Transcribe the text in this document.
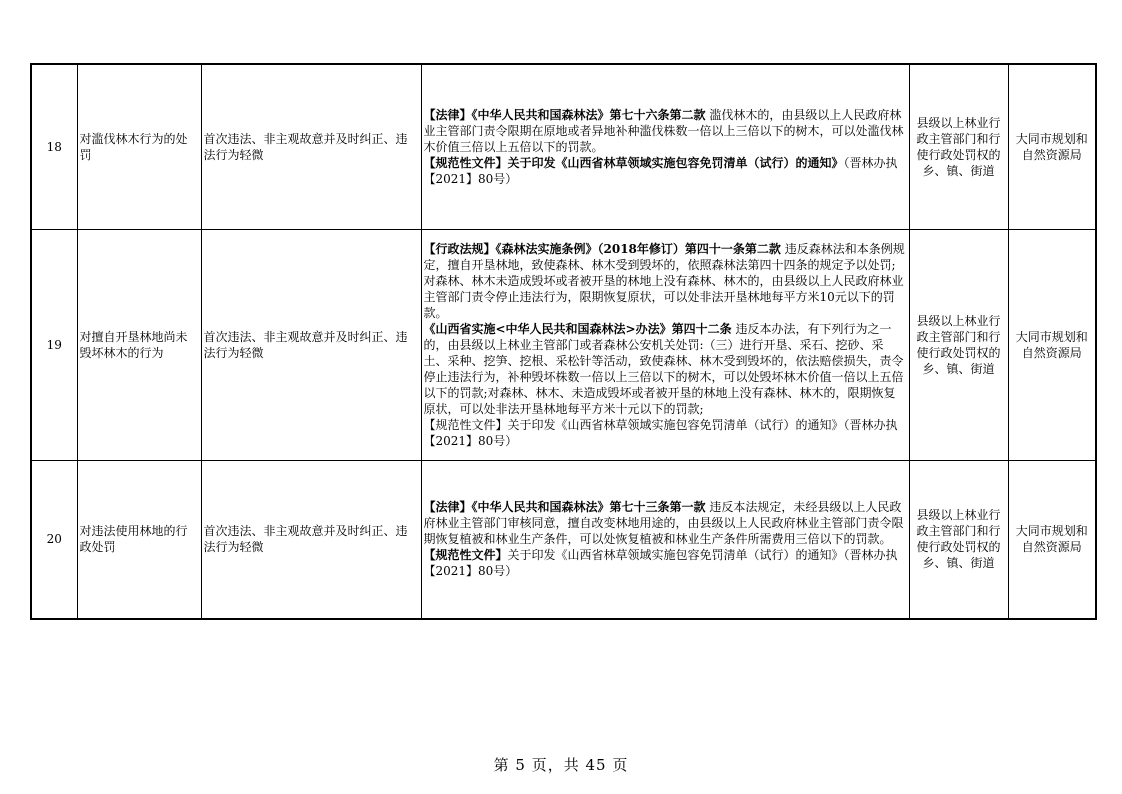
18	对滥伐林木行为的处罚	首次违法、非主观故意并及时纠正、违法行为轻微	【法律】《中华人民共和国森林法》第七十六条第二款 滥伐林木的，由县级以上人民政府林业主管部门责令限期在原地或者异地补种滥伐株数一倍以上三倍以下的树木，可以处滥伐林木价值三倍以上五倍以下的罚款。
【规范性文件】关于印发《山西省林草领域实施包容免罚清单（试行）的通知》（晋林办执【2021】80号）	县级以上林业行政主管部门和行使行政处罚权的乡、镇、街道	大同市规划和自然资源局
19	对擅自开垦林地尚未毁坏林木的行为	首次违法、非主观故意并及时纠正、违法行为轻微	【行政法规】《森林法实施条例》（2018年修订）第四十一条第二款 违反森林法和本条例规定，擅自开垦林地，致使森林、林木受到毁坏的，依照森林法第四十四条的规定予以处罚;对森林、林木未造成毁坏或者被开垦的林地上没有森林、林木的，由县级以上人民政府林业主管部门责令停止违法行为，限期恢复原状，可以处非法开垦林地每平方米10元以下的罚款。
《山西省实施<中华人民共和国森林法>办法》第四十二条 违反本办法，有下列行为之一的，由县级以上林业主管部门或者森林公安机关处罚:（三）进行开垦、采石、挖砂、采土、采种、挖笋、挖根、采松针等活动，致使森林、林木受到毁坏的，依法赔偿损失，责令停止违法行为，补种毁坏株数一倍以上三倍以下的树木，可以处毁坏林木价值一倍以上五倍以下的罚款;对森林、林木、未造成毁坏或者被开垦的林地上没有森林、林木的，限期恢复原状，可以处非法开垦林地每平方米十元以下的罚款;
【规范性文件】关于印发《山西省林草领域实施包容免罚清单（试行）的通知》（晋林办执【2021】80号）	县级以上林业行政主管部门和行使行政处罚权的乡、镇、街道	大同市规划和自然资源局
20	对违法使用林地的行政处罚	首次违法、非主观故意并及时纠正、违法行为轻微	【法律】《中华人民共和国森林法》第七十三条第一款 违反本法规定，未经县级以上人民政府林业主管部门审核同意，擅自改变林地用途的，由县级以上人民政府林业主管部门责令限期恢复植被和林业生产条件，可以处恢复植被和林业生产条件所需费用三倍以下的罚款。
【规范性文件】关于印发《山西省林草领域实施包容免罚清单（试行）的通知》（晋林办执【2021】80号）	县级以上林业行政主管部门和行使行政处罚权的乡、镇、街道	大同市规划和自然资源局
第 5 页，共 45 页
